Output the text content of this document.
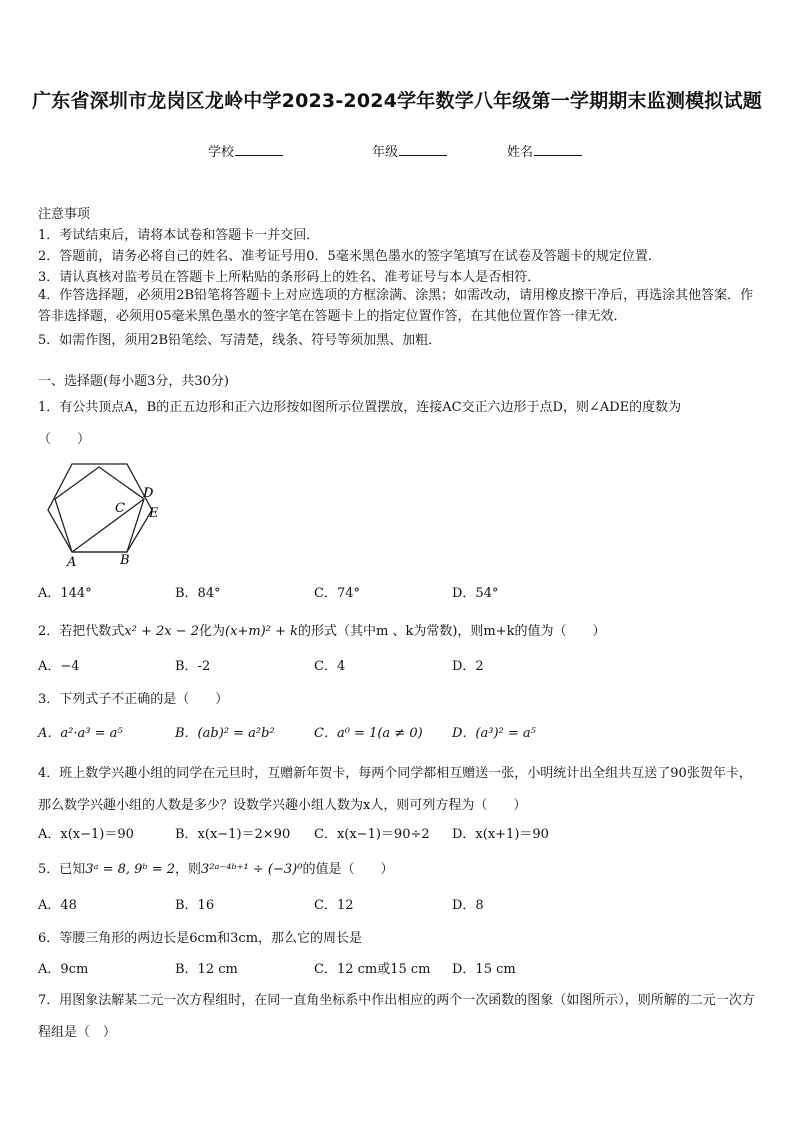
广东省深圳市龙岗区龙岭中学2023-2024学年数学八年级第一学期期末监测模拟试题
学校	年级	姓名
注意事项
1．考试结束后，请将本试卷和答题卡一并交回．
2．答题前，请务必将自己的姓名、准考证号用0．5毫米黑色墨水的签字笔填写在试卷及答题卡的规定位置．
3．请认真核对监考员在答题卡上所粘贴的条形码上的姓名、准考证号与本人是否相符．
4．作答选择题，必须用2B铅笔将答题卡上对应选项的方框涂满、涂黑；如需改动，请用橡皮擦干净后，再选涂其他答案．作答非选择题，必须用05毫米黑色墨水的签字笔在答题卡上的指定位置作答，在其他位置作答一律无效．
5．如需作图，须用2B铅笔绘、写清楚，线条、符号等须加黑、加粗．
一、选择题(每小题3分，共30分)
1．有公共顶点A，B的正五边形和正六边形按如图所示位置摆放，连接AC交正六边形于点D，则∠ADE的度数为
（　　）
A	B
C
D
E
A．144°	B．84°	C．74°	D．54°
2．若把代数式x² + 2x − 2化为(x+m)² + k的形式（其中m 、k为常数)，则m+k的值为（　　）
A．−4	B．-2	C．4	D．2
3．下列式子不正确的是（　　）
A．a²·a³ = a⁵	B．(ab)² = a²b²	C．a⁰ = 1(a ≠ 0) D．(a³)² = a⁵
4．班上数学兴趣小组的同学在元旦时，互赠新年贺卡，每两个同学都相互赠送一张，小明统计出全组共互送了90张贺年卡，那么数学兴趣小组的人数是多少？设数学兴趣小组人数为x人，则可列方程为（　　）
A．x(x−1)＝90	B．x(x−1)＝2×90 C．x(x−1)＝90÷2 D．x(x+1)＝90
5．已知3ᵃ = 8, 9ᵇ = 2，则3²ᵃ⁻⁴ᵇ⁺¹ ÷ (−3)⁰的值是（　　）
A．48	B．16	C．12	D．8
6．等腰三角形的两边长是6cm和3cm，那么它的周长是
A．9cm	B．12 cm	C．12 cm或15 cm D．15 cm
7．用图象法解某二元一次方程组时，在同一直角坐标系中作出相应的两个一次函数的图象（如图所示），则所解的二元一次方程组是（　）
